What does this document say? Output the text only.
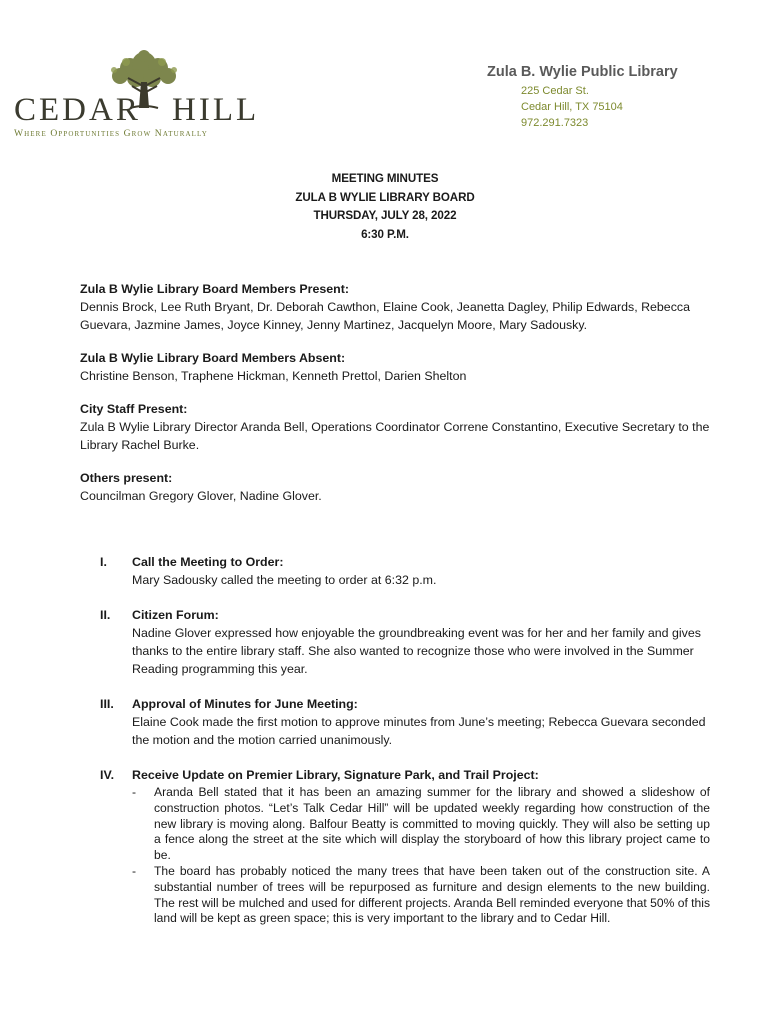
CEDAR HILL
Where Opportunities Grow Naturally

Zula B. Wylie Public Library

225 Cedar St.

Cedar Hill, TX 75104

972.291.7323

MEETING MINUTES
ZULA B WYLIE LIBRARY BOARD
THURSDAY, JULY 28, 2022
6:30 P.M.
Zula B Wylie Library Board Members Present:
Dennis Brock, Lee Ruth Bryant, Dr. Deborah Cawthon, Elaine Cook, Jeanetta Dagley, Philip Edwards, Rebecca Guevara, Jazmine James, Joyce Kinney, Jenny Martinez, Jacquelyn Moore, Mary Sadousky.
Zula B Wylie Library Board Members Absent:
Christine Benson, Traphene Hickman, Kenneth Prettol, Darien Shelton
City Staff Present:
Zula B Wylie Library Director Aranda Bell, Operations Coordinator Correne Constantino, Executive Secretary to the Library Rachel Burke.
Others present:
Councilman Gregory Glover, Nadine Glover.
I. Call the Meeting to Order:
Mary Sadousky called the meeting to order at 6:32 p.m.
II. Citizen Forum:
Nadine Glover expressed how enjoyable the groundbreaking event was for her and her family and gives thanks to the entire library staff. She also wanted to recognize those who were involved in the Summer Reading programming this year.
III. Approval of Minutes for June Meeting:
Elaine Cook made the first motion to approve minutes from June’s meeting; Rebecca Guevara seconded the motion and the motion carried unanimously.
IV. Receive Update on Premier Library, Signature Park, and Trail Project:
- Aranda Bell stated that it has been an amazing summer for the library and showed a slideshow of construction photos. “Let’s Talk Cedar Hill” will be updated weekly regarding how construction of the new library is moving along. Balfour Beatty is committed to moving quickly. They will also be setting up a fence along the street at the site which will display the storyboard of how this library project came to be.
- The board has probably noticed the many trees that have been taken out of the construction site. A substantial number of trees will be repurposed as furniture and design elements to the new building. The rest will be mulched and used for different projects. Aranda Bell reminded everyone that 50% of this land will be kept as green space; this is very important to the library and to Cedar Hill.
